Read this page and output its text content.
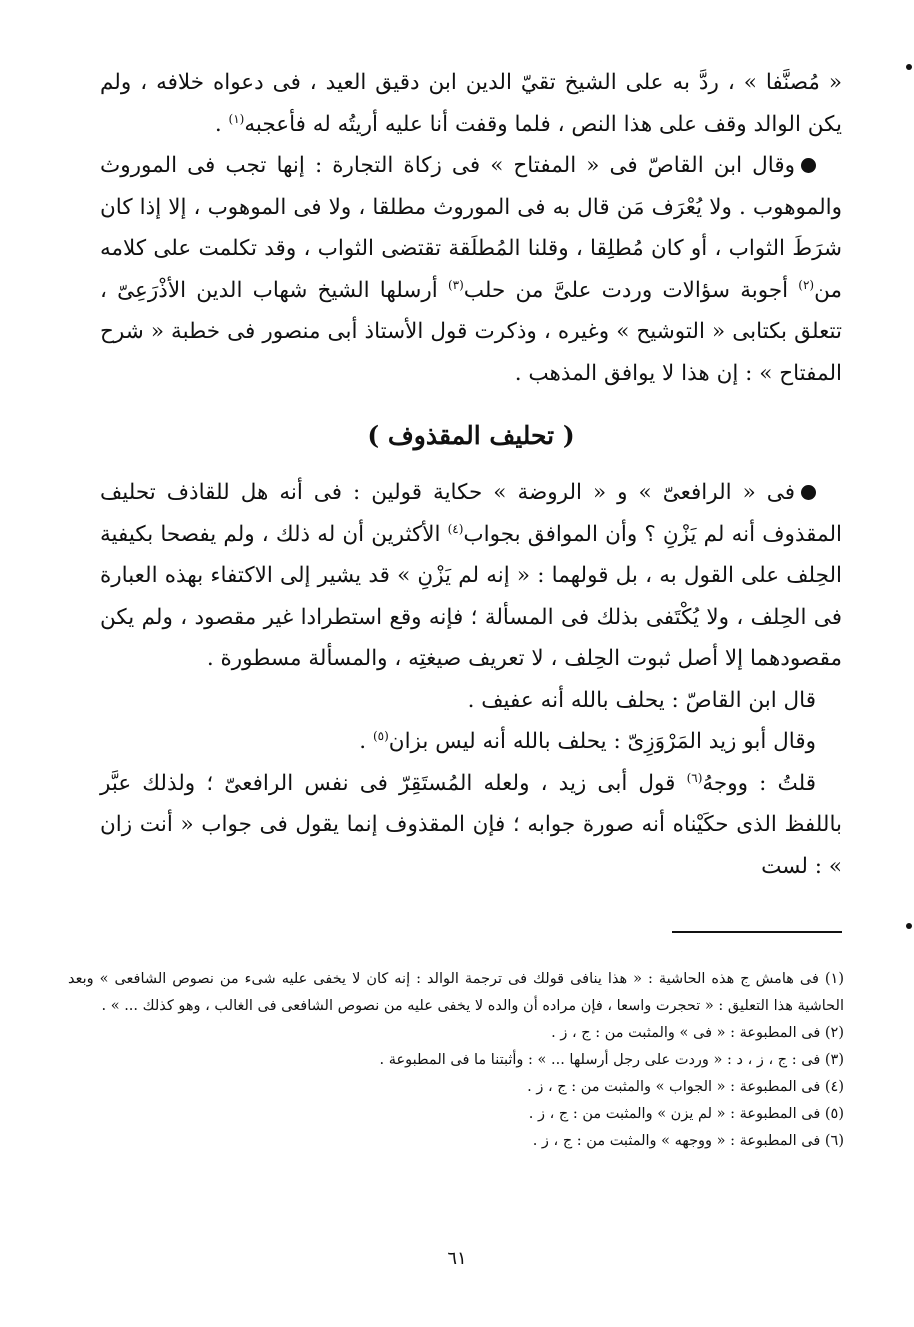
« مُصنَّفا » ، ردَّ به على الشيخ تقيّ الدين ابن دقيق العيد ، فى دعواه خلافه ، ولم يكن الوالد وقف على هذا النص ، فلما وقفت أنا عليه أريتُه له فأعجبه$^{(١)}$ .

وقال ابن القاصّ فى « المفتاح » فى زكاة التجارة : إنها تجب فى الموروث والموهوب . ولا يُعْرَف مَن قال به فى الموروث مطلقا ، ولا فى الموهوب ، إلا إذا كان شرَطَ الثواب ، أو كان مُطلِقا ، وقلنا المُطلَقة تقتضى الثواب ، وقد تكلمت على كلامه من$^{(٢)}$ أجوبة سؤالات وردت علىَّ من حلب$^{(٣)}$ أرسلها الشيخ شهاب الدين الأذْرَعِىّ ، تتعلق بكتابى « التوشيح » وغيره ، وذكرت قول الأستاذ أبى منصور فى خطبة « شرح المفتاح » : إن هذا لا يوافق المذهب .

( تحليف المقذوف )

فى « الرافعىّ » و « الروضة » حكاية قولين : فى أنه هل للقاذف تحليف المقذوف أنه لم يَزْنِ ؟ وأن الموافق بجواب$^{(٤)}$ الأكثرين أن له ذلك ، ولم يفصحا بكيفية الحِلف على القول به ، بل قولهما : « إنه لم يَزْنِ » قد يشير إلى الاكتفاء بهذه العبارة فى الحِلف ، ولا يُكْتَفى بذلك فى المسألة ؛ فإنه وقع استطرادا غير مقصود ، ولم يكن مقصودهما إلا أصل ثبوت الحِلف ، لا تعريف صيغتِه ، والمسألة مسطورة .

قال ابن القاصّ : يحلف بالله أنه عفيف .

وقال أبو زيد المَرْوَزِىّ : يحلف بالله أنه ليس بزان$^{(٥)}$ .

قلتُ : ووجهُ$^{(٦)}$ قول أبى زيد ، ولعله المُستَقِرّ فى نفس الرافعىّ ؛ ولذلك عبَّر باللفظ الذى حكَيْناه أنه صورة جوابه ؛ فإن المقذوف إنما يقول فى جواب « أنت زان » : لست

(١) فى هامش ج هذه الحاشية : « هذا ينافى قولك فى ترجمة الوالد : إنه كان لا يخفى عليه شىء من نصوص الشافعى » وبعد الحاشية هذا التعليق : « تحجرت واسعا ، فإن مراده أن والده لا يخفى عليه من نصوص الشافعى فى الغالب ، وهو كذلك ... » .

(٢) فى المطبوعة : « فى » والمثبت من : ج ، ز .

(٣) فى : ج ، ز ، د : « وردت على رجل أرسلها ... » : وأثبتنا ما فى المطبوعة .

(٤) فى المطبوعة : « الجواب » والمثبت من : ج ، ز .

(٥) فى المطبوعة : « لم يزن » والمثبت من : ج ، ز .

(٦) فى المطبوعة : « ووجهه » والمثبت من : ج ، ز .

٦١
